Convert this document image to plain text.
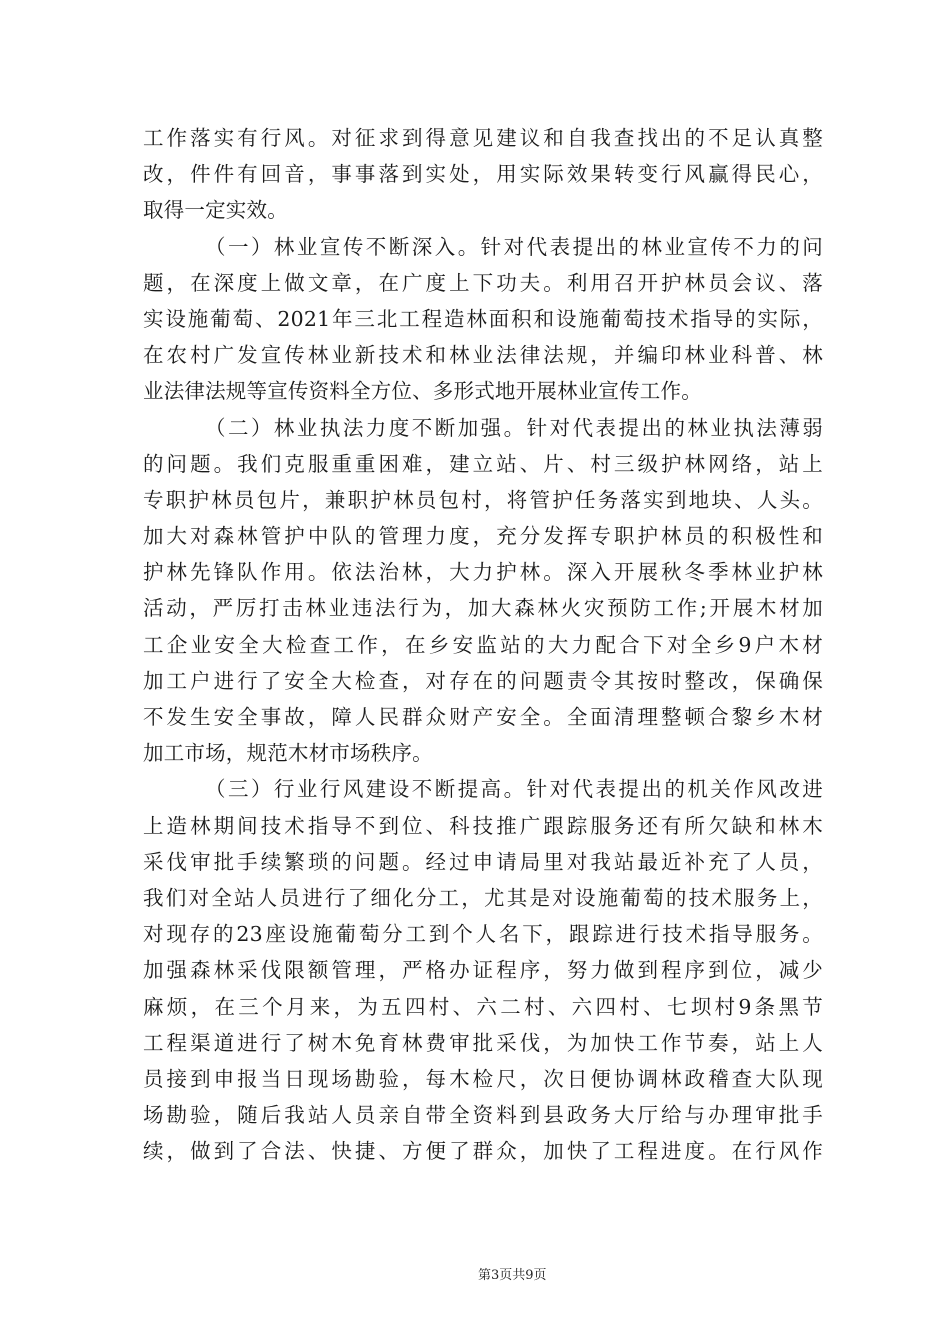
工作落实有行风。对征求到得意见建议和自我查找出的不足认真整
改，件件有回音，事事落到实处，用实际效果转变行风赢得民心，
取得一定实效。
（一）林业宣传不断深入。针对代表提出的林业宣传不力的问
题，在深度上做文章，在广度上下功夫。利用召开护林员会议、落
实设施葡萄、2021年三北工程造林面积和设施葡萄技术指导的实际，
在农村广发宣传林业新技术和林业法律法规，并编印林业科普、林
业法律法规等宣传资料全方位、多形式地开展林业宣传工作。
（二）林业执法力度不断加强。针对代表提出的林业执法薄弱
的问题。我们克服重重困难，建立站、片、村三级护林网络，站上
专职护林员包片，兼职护林员包村，将管护任务落实到地块、人头。
加大对森林管护中队的管理力度，充分发挥专职护林员的积极性和
护林先锋队作用。依法治林，大力护林。深入开展秋冬季林业护林
活动，严厉打击林业违法行为，加大森林火灾预防工作;开展木材加
工企业安全大检查工作，在乡安监站的大力配合下对全乡9户木材
加工户进行了安全大检查，对存在的问题责令其按时整改，保确保
不发生安全事故，障人民群众财产安全。全面清理整顿合黎乡木材
加工市场，规范木材市场秩序。
（三）行业行风建设不断提高。针对代表提出的机关作风改进
上造林期间技术指导不到位、科技推广跟踪服务还有所欠缺和林木
采伐审批手续繁琐的问题。经过申请局里对我站最近补充了人员，
我们对全站人员进行了细化分工，尤其是对设施葡萄的技术服务上，
对现存的23座设施葡萄分工到个人名下，跟踪进行技术指导服务。
加强森林采伐限额管理，严格办证程序，努力做到程序到位，减少
麻烦，在三个月来，为五四村、六二村、六四村、七坝村9条黑节
工程渠道进行了树木免育林费审批采伐，为加快工作节奏，站上人
员接到申报当日现场勘验，每木检尺，次日便协调林政稽查大队现
场勘验，随后我站人员亲自带全资料到县政务大厅给与办理审批手
续，做到了合法、快捷、方便了群众，加快了工程进度。在行风作
第3页共9页
